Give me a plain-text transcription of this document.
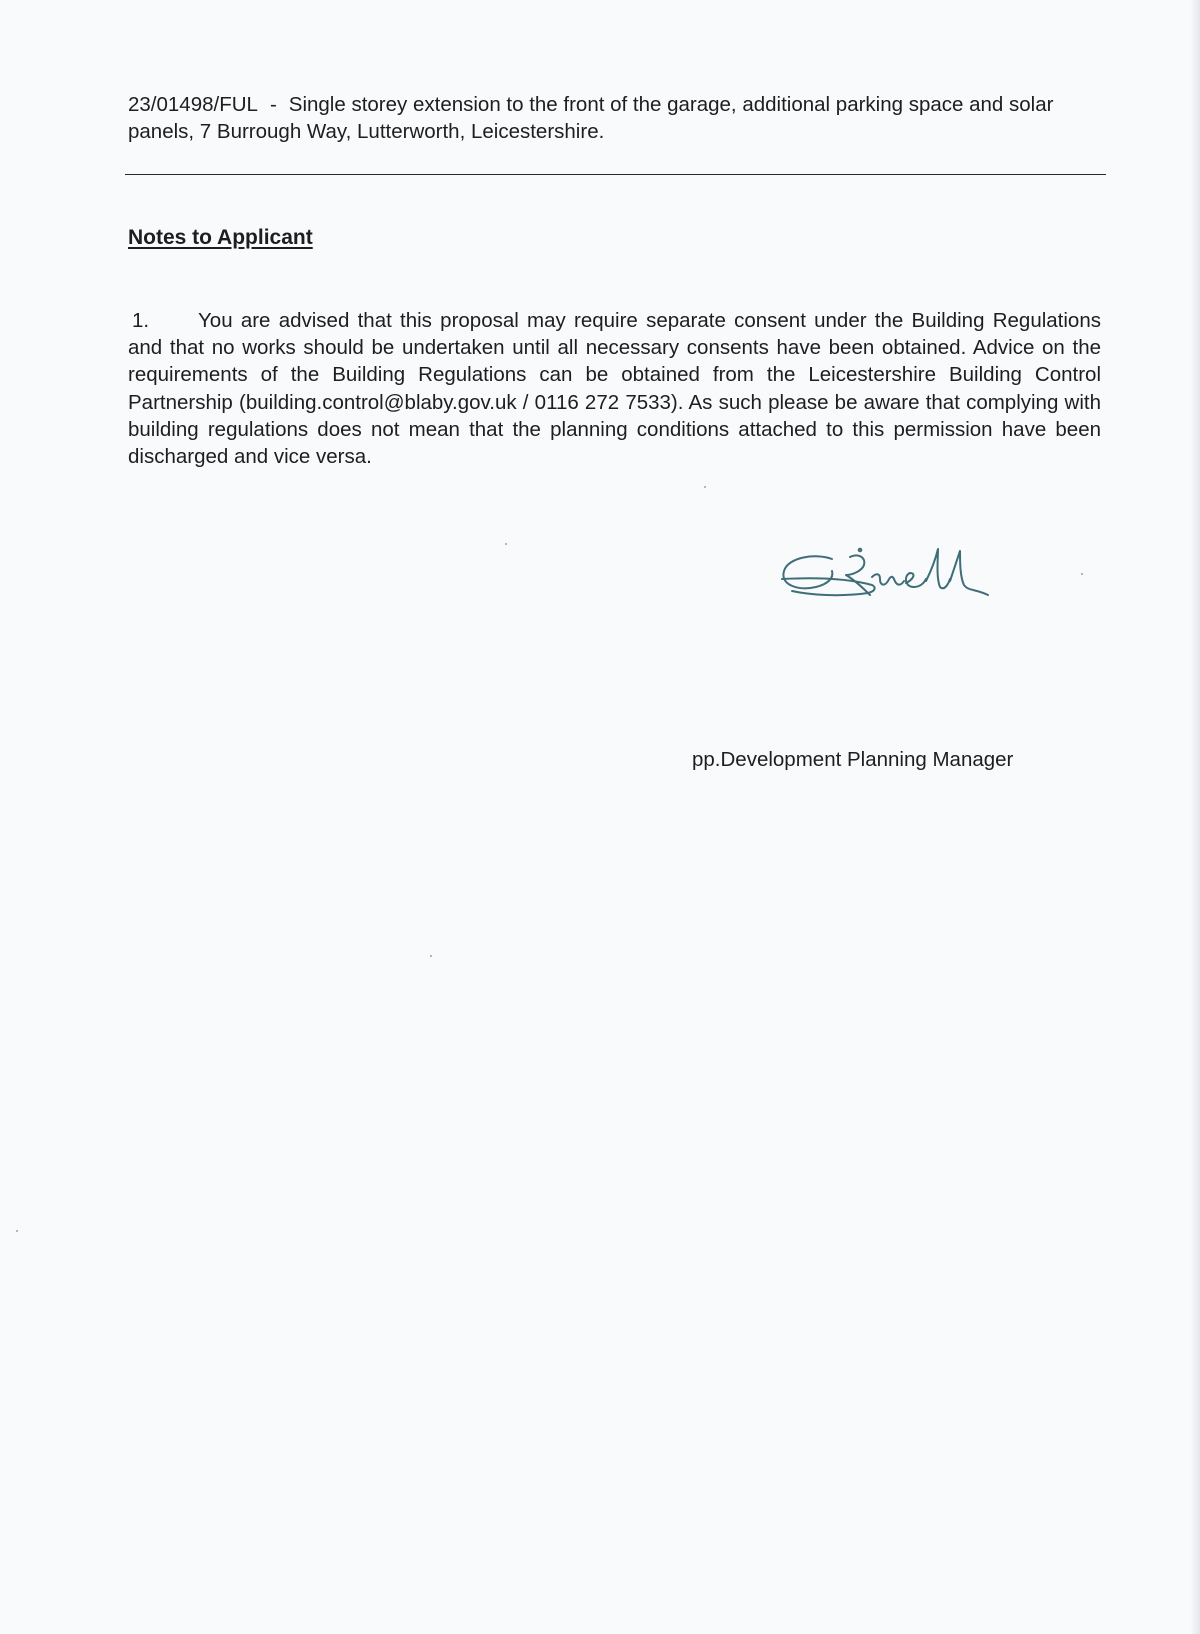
23/01498/FUL - Single storey extension to the front of the garage, additional parking space and solar panels, 7 Burrough Way, Lutterworth, Leicestershire.
Notes to Applicant

1. You are advised that this proposal may require separate consent under the Building Regulations and that no works should be undertaken until all necessary consents have been obtained. Advice on the requirements of the Building Regulations can be obtained from the Leicestershire Building Control Partnership (building.control@blaby.gov.uk / 0116 272 7533). As such please be aware that complying with building regulations does not mean that the planning conditions attached to this permission have been discharged and vice versa.

pp.Development Planning Manager
